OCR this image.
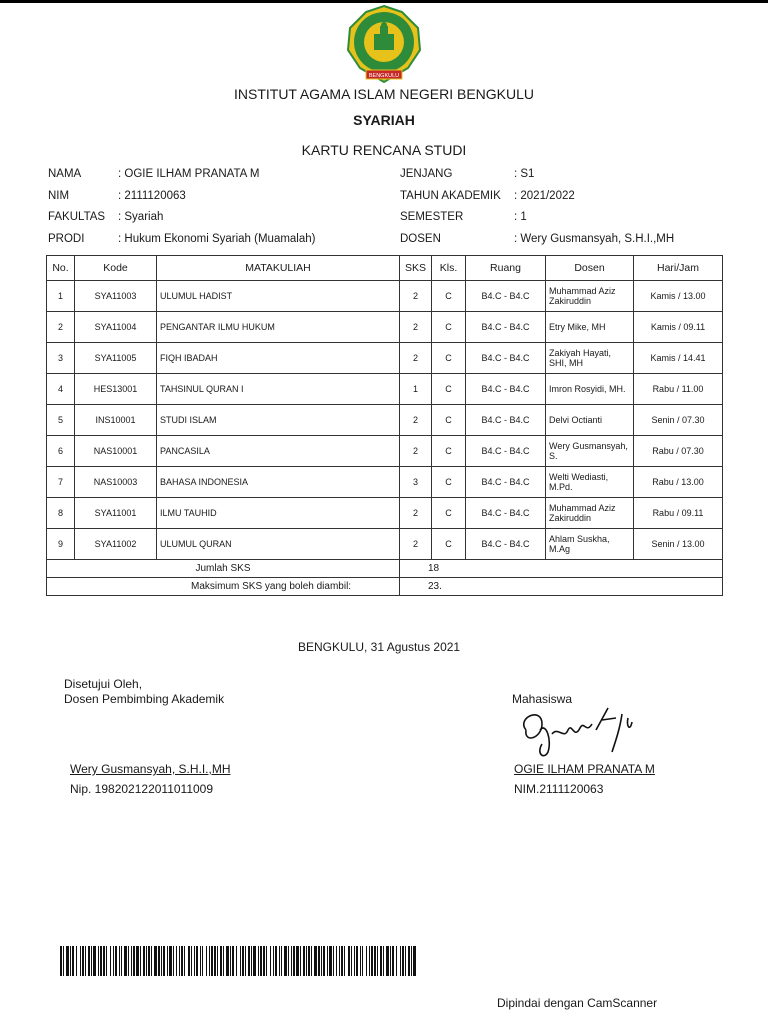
BENGKULU
INSTITUT AGAMA ISLAM NEGERI BENGKULU
SYARIAH
KARTU RENCANA STUDI
NAMA	: OGIE ILHAM PRANATA M
NIM	: 2111120063
FAKULTAS : Syariah
PRODI	: Hukum Ekonomi Syariah (Muamalah)
JENJANG	: S1
TAHUN AKADEMIK : 2021/2022
SEMESTER	: 1
DOSEN	: Wery Gusmansyah, S.H.I.,MH
No.	Kode	MATAKULIAH	SKS	Kls.	Ruang	Dosen	Hari/Jam
1	SYA11003	ULUMUL HADIST	2	C	B4.C - B4.C	Muhammad Aziz Zakiruddin	Kamis / 13.00
2	SYA11004	PENGANTAR ILMU HUKUM	2	C	B4.C - B4.C	Etry Mike, MH	Kamis / 09.11
3	SYA11005	FIQH IBADAH	2	C	B4.C - B4.C	Zakiyah Hayati, SHI, MH	Kamis / 14.41
4	HES13001	TAHSINUL QURAN I	1	C	B4.C - B4.C	Imron Rosyidi, MH.	Rabu / 11.00
5	INS10001	STUDI ISLAM	2	C	B4.C - B4.C	Delvi Octianti	Senin / 07.30
6	NAS10001	PANCASILA	2	C	B4.C - B4.C	Wery Gusmansyah, S.	Rabu / 07.30
7	NAS10003	BAHASA INDONESIA	3	C	B4.C - B4.C	Welti Wediasti, M.Pd.	Rabu / 13.00
8	SYA11001	ILMU TAUHID	2	C	B4.C - B4.C	Muhammad Aziz Zakiruddin	Rabu / 09.11
9	SYA11002	ULUMUL QURAN	2	C	B4.C - B4.C	Ahlam Suskha, M.Ag	Senin / 13.00
Jumlah SKS			18				
Maksimum SKS yang boleh diambil:			23.				
BENGKULU, 31 Agustus 2021
Disetujui Oleh,
Dosen Pembimbing Akademik	Mahasiswa
Wery Gusmansyah, S.H.I.,MH
Nip. 198202122011011009
OGIE ILHAM PRANATA M
NIM.2111120063
Dipindai dengan CamScanner
